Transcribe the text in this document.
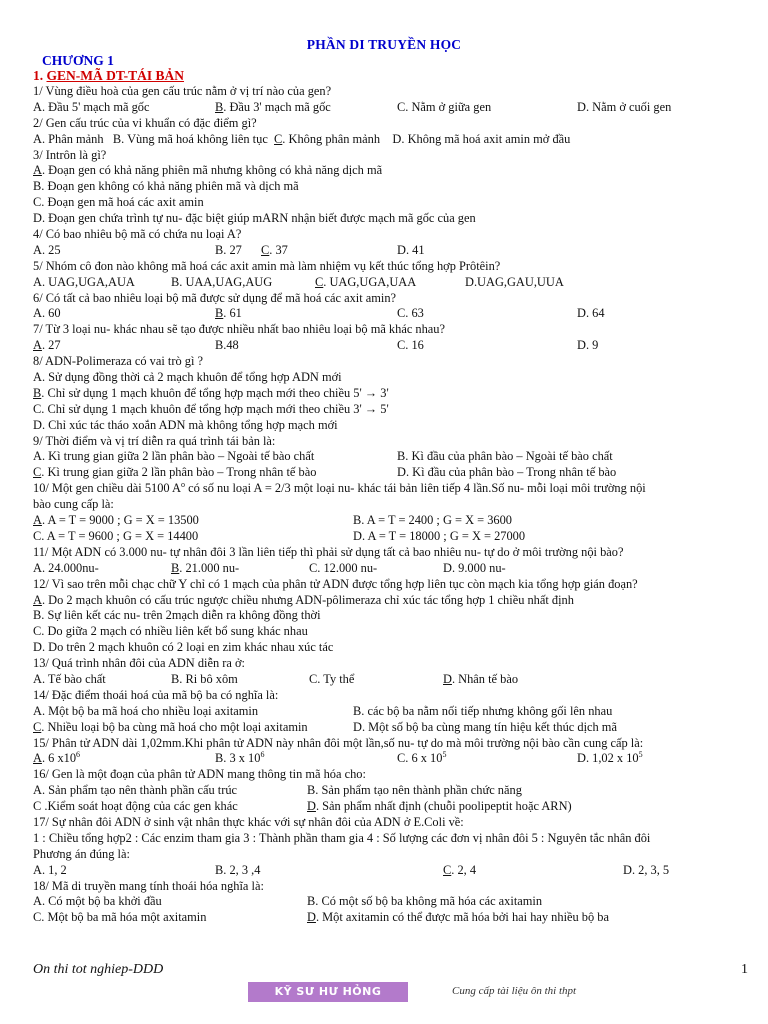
PHẦN DI TRUYỀN HỌC
CHƯƠNG 1
1. GEN-MÃ DT-TÁI BẢN
1/ Vùng điều hoà của gen cấu trúc nằm ở vị trí nào của gen?
A. Đầu 5' mạch mã gốc	B. Đầu 3' mạch mã gốc	C. Nằm ở giữa gen	D. Nằm ở cuối gen
2/ Gen cấu trúc của vi khuẩn có đặc điểm gì?
A. Phân mảnh   B. Vùng mã hoá không liên tục  C. Không phân mảnh    D. Không mã hoá axit amin mở đầu
3/ Intrôn là gì?
A. Đoạn gen có khả năng phiên mã nhưng không có khả năng dịch mã
B. Đoạn gen không có khả năng phiên mã và dịch mã
C. Đoạn gen mã hoá các axit amin
D. Đoạn gen chứa trình tự nu- đặc biệt giúp mARN nhận biết được mạch mã gốc của gen
4/ Có bao nhiêu bộ mã có chứa nu loại A?
A. 25	B. 27 C. 37	D. 41
5/ Nhóm cô đon nào không mã hoá các axit amin mà làm nhiệm vụ kết thúc tổng hợp Prôtêin?
A. UAG,UGA,AUA	B. UAA,UAG,AUG	C. UAG,UGA,UAA	D.UAG,GAU,UUA
6/ Có tất cả bao nhiêu loại bộ mã được sử dụng để mã hoá các axit amin?
A. 60	B. 61	C. 63	D. 64
7/ Từ 3 loại nu- khác nhau sẽ tạo được nhiều nhất bao nhiêu loại bộ mã khác nhau?
A. 27	B.48	C. 16	D. 9
8/ ADN-Polimeraza có vai trò gì ?
A. Sử dụng đồng thời cả 2 mạch khuôn để tổng hợp ADN mới
B. Chỉ sử dụng 1 mạch khuôn để tổng hợp mạch mới theo chiều 5' → 3'
C. Chỉ sử dụng 1 mạch khuôn để tổng hợp mạch mới theo chiều 3' → 5'
D. Chỉ xúc tác tháo xoắn ADN mà không tổng hợp mạch mới
9/ Thời điểm và vị trí diễn ra quá trình tái bản là:
A. Kì trung gian giữa 2 lần phân bào – Ngoài tế bào chất	B. Kì đầu của phân bào – Ngoài tế bào chất
C. Kì trung gian giữa 2 lần phân bào – Trong nhân tế bào	D. Kì đầu của phân bào – Trong nhân tế bào
10/ Một gen chiều dài 5100 $A^o$ có số nu loại A = 2/3 một loại nu- khác tái bản liên tiếp 4 lần.Số nu- mỗi loại môi trường nội
bào cung cấp là:
A. A = T = 9000 ; G = X = 13500	B. A = T = 2400 ; G = X = 3600
C. A = T = 9600 ; G = X = 14400	D. A = T = 18000 ; G = X = 27000
11/ Một ADN có 3.000 nu- tự nhân đôi 3 lần liên tiếp thì phải sử dụng tất cả bao nhiêu nu- tự do ở môi trường nội bào?
A. 24.000nu-	B. 21.000 nu-	C. 12.000 nu-	D. 9.000 nu-
12/ Vì sao trên mỗi chạc chữ Y chỉ có 1 mạch của phân tử ADN được tổng hợp liên tục còn mạch kia tổng hợp gián đoạn?
A. Do 2 mạch khuôn có cấu trúc ngược chiều nhưng ADN-pôlimeraza chỉ xúc tác tổng hợp 1 chiều nhất định
B. Sự liên kết các nu- trên 2mạch diễn ra không đồng thời
C. Do giữa 2 mạch có nhiều liên kết bổ sung khác nhau
D. Do trên 2 mạch khuôn có 2 loại en zim khác nhau xúc tác
13/ Quá trình nhân đôi của ADN diễn ra ở:
A. Tế bào chất	B. Ri bô xôm	C. Ty thể	D. Nhân tế bào
14/ Đặc điểm thoái hoá của mã bộ ba có nghĩa là:
A. Một bộ ba mã hoá cho nhiều loại axitamin	B. các bộ ba nằm nối tiếp nhưng không gối lên nhau
C. Nhiều loại bộ ba cùng mã hoá cho một loại axitamin	D. Một số bộ ba cùng mang tín hiệu kết thúc dịch mã
15/ Phân tử ADN dài 1,02mm.Khi phân tử ADN này nhân đôi một lần,số nu- tự do mà môi trường nội bào cần cung cấp là:
A. 6 $x10^6$	B. 3 x $10^6$	C. 6 x $10^5$	D. 1,02 x $10^5$
16/ Gen là một đoạn của phân tử ADN mang thông tin mã hóa cho:
A. Sản phẩm tạo nên thành phần cấu trúc	B. Sản phẩm tạo nên thành phần chức năng
C .Kiểm soát hoạt động của các gen khác	D. Sản phẩm nhất định (chuỗi poolipeptit hoặc ARN)
17/ Sự nhân đôi ADN ở sinh vật nhân thực khác với sự nhân đôi của ADN ở E.Coli về:
1 : Chiều tổng hợp2 : Các enzim tham gia 3 : Thành phần tham gia 4 : Số lượng các đơn vị nhân đôi 5 : Nguyên tắc nhân đôi
Phương án đúng là:
A. 1, 2	B. 2, 3 ,4	C. 2, 4	D. 2, 3, 5
18/ Mã di truyền mang tính thoái hóa nghĩa là:
A. Có một bộ ba khởi đầu	B. Có một số bộ ba không mã hóa các axitamin
C. Một bộ ba mã hóa một axitamin	D. Một axitamin có thể được mã hóa bởi hai hay nhiều bộ ba
On thi tot nghiep-DDD	1
KỸ SƯ HƯ HỎNG	Cung cấp tài liệu ôn thi thpt
